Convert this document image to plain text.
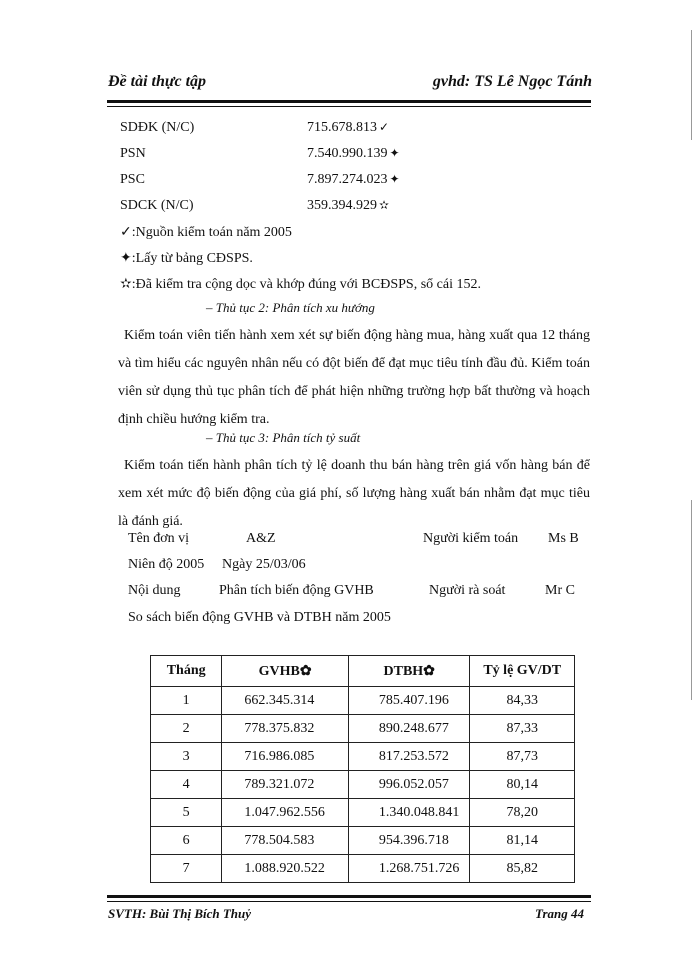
Đề tài thực tập	gvhd: TS Lê Ngọc Tánh
SDĐK (N/C)	715.678.813 ✓
PSN	7.540.990.139 ✦
PSC	7.897.274.023 ✦
SDCK (N/C)	359.394.929 ✫
✓:Nguồn kiểm toán năm 2005
✦:Lấy từ bảng CĐSPS.
✫:Đã kiểm tra cộng dọc và khớp đúng với BCĐSPS, sổ cái 152.
– Thủ tục 2: Phân tích xu hướng
Kiểm toán viên tiến hành xem xét sự biến động hàng mua, hàng xuất qua 12 tháng và tìm hiểu các nguyên nhân nếu có đột biến để đạt mục tiêu tính đầu đủ. Kiểm toán viên sử dụng thủ tục phân tích để phát hiện những trường hợp bất thường và hoạch định chiều hướng kiểm tra.
– Thủ tục 3: Phân tích tỷ suất
Kiểm toán tiến hành phân tích tỷ lệ doanh thu bán hàng trên giá vốn hàng bán để xem xét mức độ biến động của giá phí, số lượng hàng xuất bán nhằm đạt mục tiêu là đánh giá.
Tên đơn vị	A&Z	Người kiểm toán Ms B
Niên độ 2005 Ngày 25/03/06
Nội dung	Phân tích biến động GVHB	Người rà soát	Mr C
So sách biến động GVHB và DTBH năm 2005
Tháng	GVHB✿	DTBH✿	Tỷ lệ GV/DT
1	662.345.314	785.407.196	84,33
2	778.375.832	890.248.677	87,33
3	716.986.085	817.253.572	87,73
4	789.321.072	996.052.057	80,14
5	1.047.962.556	1.340.048.841	78,20
6	778.504.583	954.396.718	81,14
7	1.088.920.522	1.268.751.726	85,82
SVTH: Bùi Thị Bích Thuỷ	Trang 44
